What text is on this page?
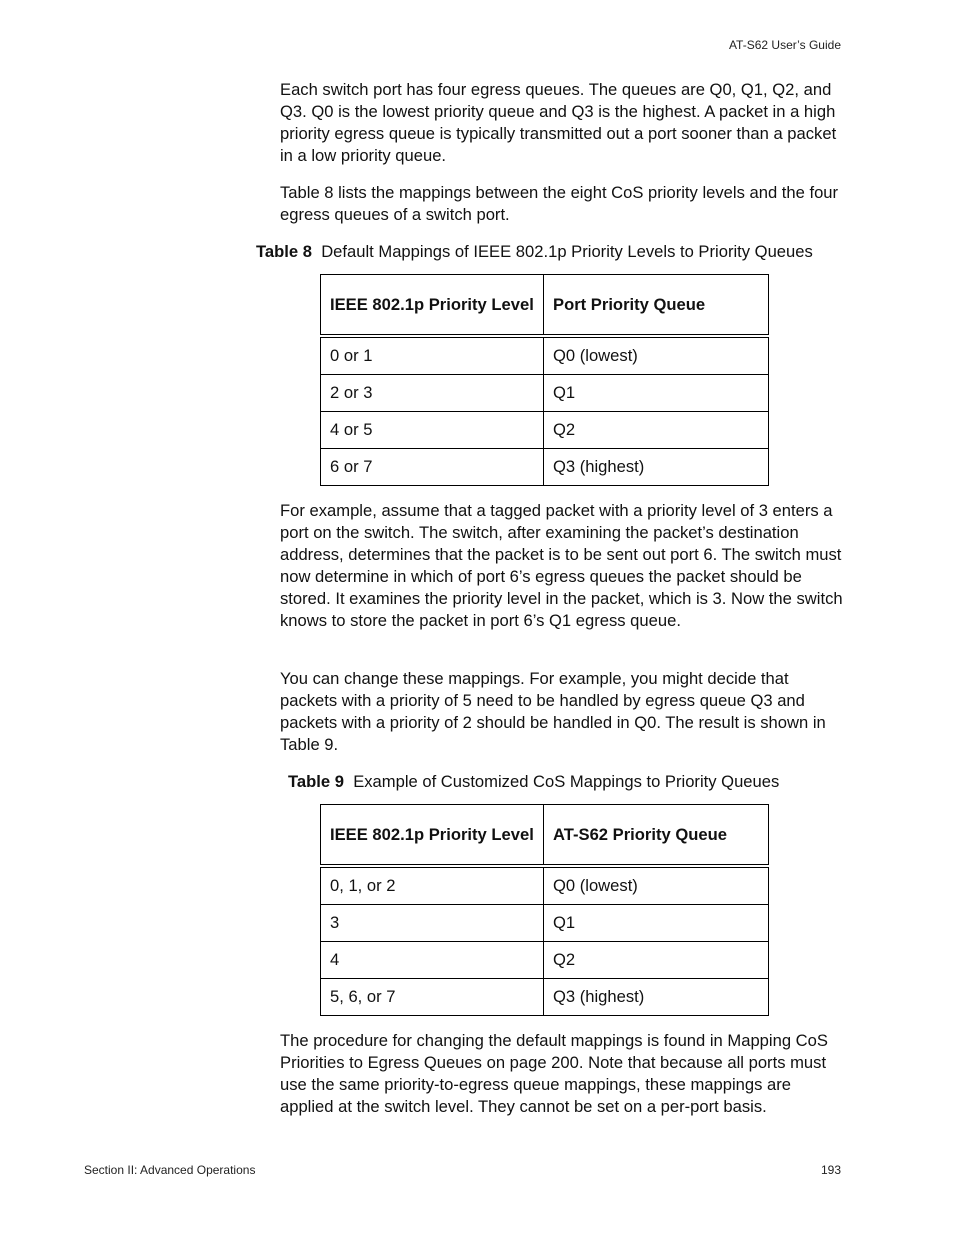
AT-S62 User’s Guide

Each switch port has four egress queues. The queues are Q0, Q1, Q2, and Q3. Q0 is the lowest priority queue and Q3 is the highest. A packet in a high priority egress queue is typically transmitted out a port sooner than a packet in a low priority queue.

Table 8 lists the mappings between the eight CoS priority levels and the four egress queues of a switch port.

Table 8 Default Mappings of IEEE 802.1p Priority Levels to Priority Queues

IEEE 802.1p Priority Level	Port Priority Queue
0 or 1	Q0 (lowest)
2 or 3	Q1
4 or 5	Q2
6 or 7	Q3 (highest)

For example, assume that a tagged packet with a priority level of 3 enters a port on the switch. The switch, after examining the packet’s destination address, determines that the packet is to be sent out port 6. The switch must now determine in which of port 6’s egress queues the packet should be stored. It examines the priority level in the packet, which is 3. Now the switch knows to store the packet in port 6’s Q1 egress queue.

You can change these mappings. For example, you might decide that packets with a priority of 5 need to be handled by egress queue Q3 and packets with a priority of 2 should be handled in Q0. The result is shown in Table 9.

Table 9 Example of Customized CoS Mappings to Priority Queues

IEEE 802.1p Priority Level	AT-S62 Priority Queue
0, 1, or 2	Q0 (lowest)
3	Q1
4	Q2
5, 6, or 7	Q3 (highest)

The procedure for changing the default mappings is found in Mapping CoS Priorities to Egress Queues on page 200. Note that because all ports must use the same priority-to-egress queue mappings, these mappings are applied at the switch level. They cannot be set on a per-port basis.

Section II: Advanced Operations	193
